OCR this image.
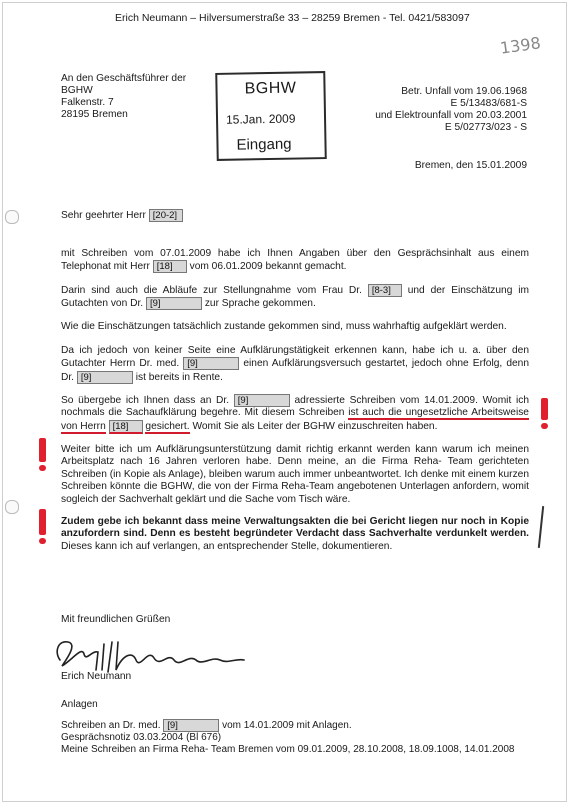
Erich Neumann – Hilversumerstraße 33 – 28259 Bremen - Tel. 0421/583097
1398
An den Geschäftsführer der
BGHW
Falkenstr. 7
28195 Bremen
BGHW
15.Jan. 2009
Eingang
Betr. Unfall vom 19.06.1968
E 5/13483/681-S
und Elektrounfall vom 20.03.2001
E 5/02773/023 - S
Bremen, den 15.01.2009
Sehr geehrter Herr [20-2]
mit Schreiben vom 07.01.2009 habe ich Ihnen Angaben über den Gesprächsinhalt aus einem Telephonat mit Herr [18] vom 06.01.2009 bekannt gemacht.
Darin sind auch die Abläufe zur Stellungnahme vom Frau Dr. [8-3] und der Einschätzung im Gutachten von Dr. [9]	zur Sprache gekommen.
Wie die Einschätzungen tatsächlich zustande gekommen sind, muss wahrhaftig aufgeklärt werden.
Da ich jedoch von keiner Seite eine Aufklärungstätigkeit erkennen kann, habe ich u. a. über den Gutachter Herrn Dr. med. [9]	einen Aufklärungsversuch gestartet, jedoch ohne Erfolg, denn Dr. [9]	ist bereits in Rente.
So übergebe ich Ihnen dass an Dr. [9]	adressierte Schreiben vom 14.01.2009. Womit ich nochmals die Sachaufklärung begehre. Mit diesem Schreiben ist auch die ungesetzliche Arbeitsweise von Herrn [18] gesichert. Womit Sie als Leiter der BGHW einzuschreiten haben.
Weiter bitte ich um Aufklärungsunterstützung damit richtig erkannt werden kann warum ich meinen Arbeitsplatz nach 16 Jahren verloren habe. Denn meine, an die Firma Reha- Team gerichteten Schreiben (in Kopie als Anlage), bleiben warum auch immer unbeantwortet. Ich denke mit einem kurzen Schreiben könnte die BGHW, die von der Firma Reha-Team angebotenen Unterlagen anfordern, womit sogleich der Sachverhalt geklärt und die Sache vom Tisch wäre.
Zudem gebe ich bekannt dass meine Verwaltungsakten die bei Gericht liegen nur noch in Kopie anzufordern sind. Denn es besteht begründeter Verdacht dass Sachverhalte verdunkelt werden. Dieses kann ich auf verlangen, an entsprechender Stelle, dokumentieren.
Mit freundlichen Grüßen
Erich Neumann
Anlagen
Schreiben an Dr. med. [9]	vom 14.01.2009 mit Anlagen.
Gesprächsnotiz 03.03.2004 (Bl 676)
Meine Schreiben an Firma Reha- Team Bremen vom 09.01.2009, 28.10.2008, 18.09.1008, 14.01.2008
